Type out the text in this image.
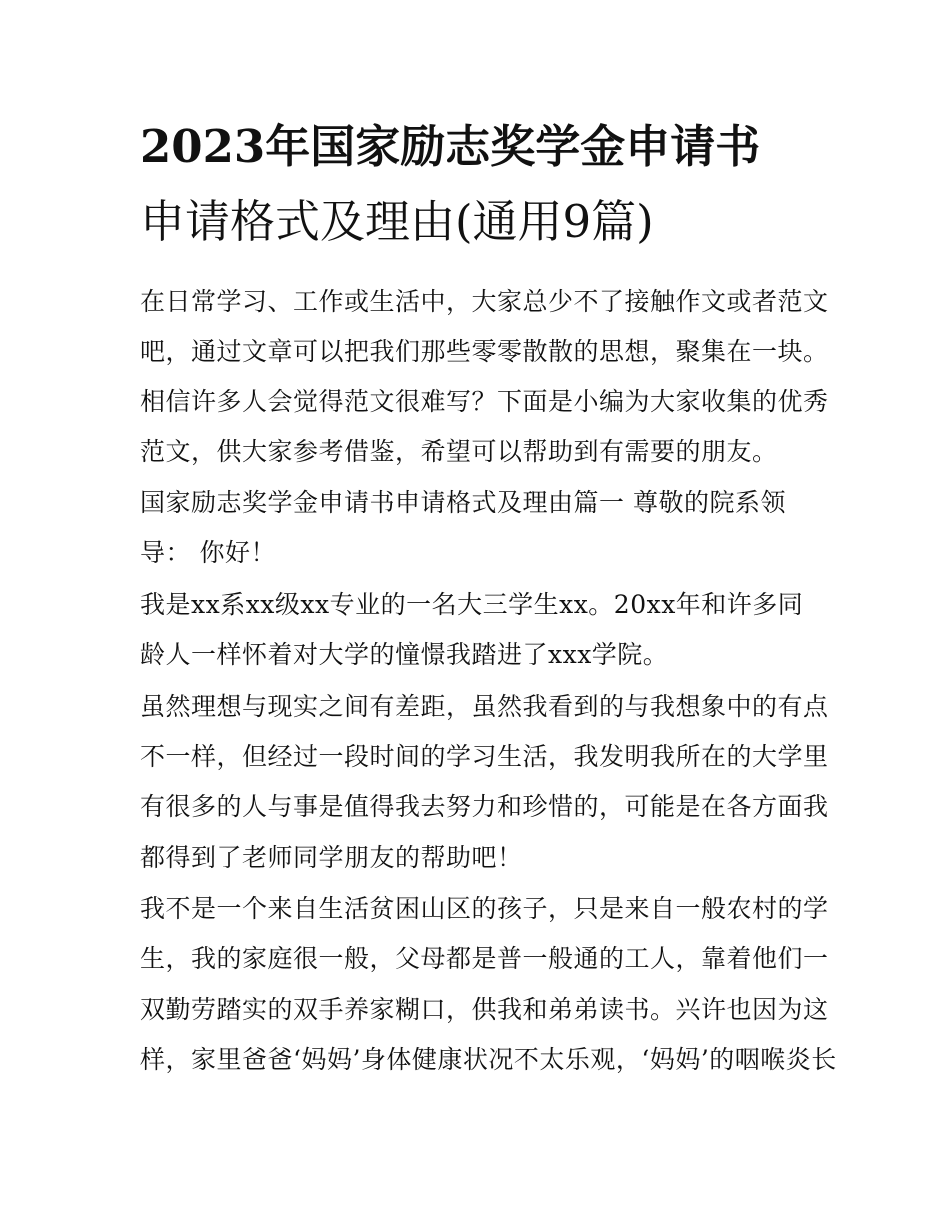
2023年国家励志奖学金申请书
申请格式及理由(通用9篇)
在日常学习、工作或生活中，大家总少不了接触作文或者范文
吧，通过文章可以把我们那些零零散散的思想，聚集在一块。
相信许多人会觉得范文很难写？下面是小编为大家收集的优秀
范文，供大家参考借鉴，希望可以帮助到有需要的朋友。
国家励志奖学金申请书申请格式及理由篇一 尊敬的院系领
导： 你好！
我是xx系xx级xx专业的一名大三学生xx。20xx年和许多同
龄人一样怀着对大学的憧憬我踏进了xxx学院。
虽然理想与现实之间有差距，虽然我看到的与我想象中的有点
不一样，但经过一段时间的学习生活，我发明我所在的大学里
有很多的人与事是值得我去努力和珍惜的，可能是在各方面我
都得到了老师同学朋友的帮助吧！
我不是一个来自生活贫困山区的孩子，只是来自一般农村的学
生，我的家庭很一般，父母都是普一般通的工人，靠着他们一
双勤劳踏实的双手养家糊口，供我和弟弟读书。兴许也因为这
样，家里爸爸‘妈妈’身体健康状况不太乐观，‘妈妈’的咽喉炎长
